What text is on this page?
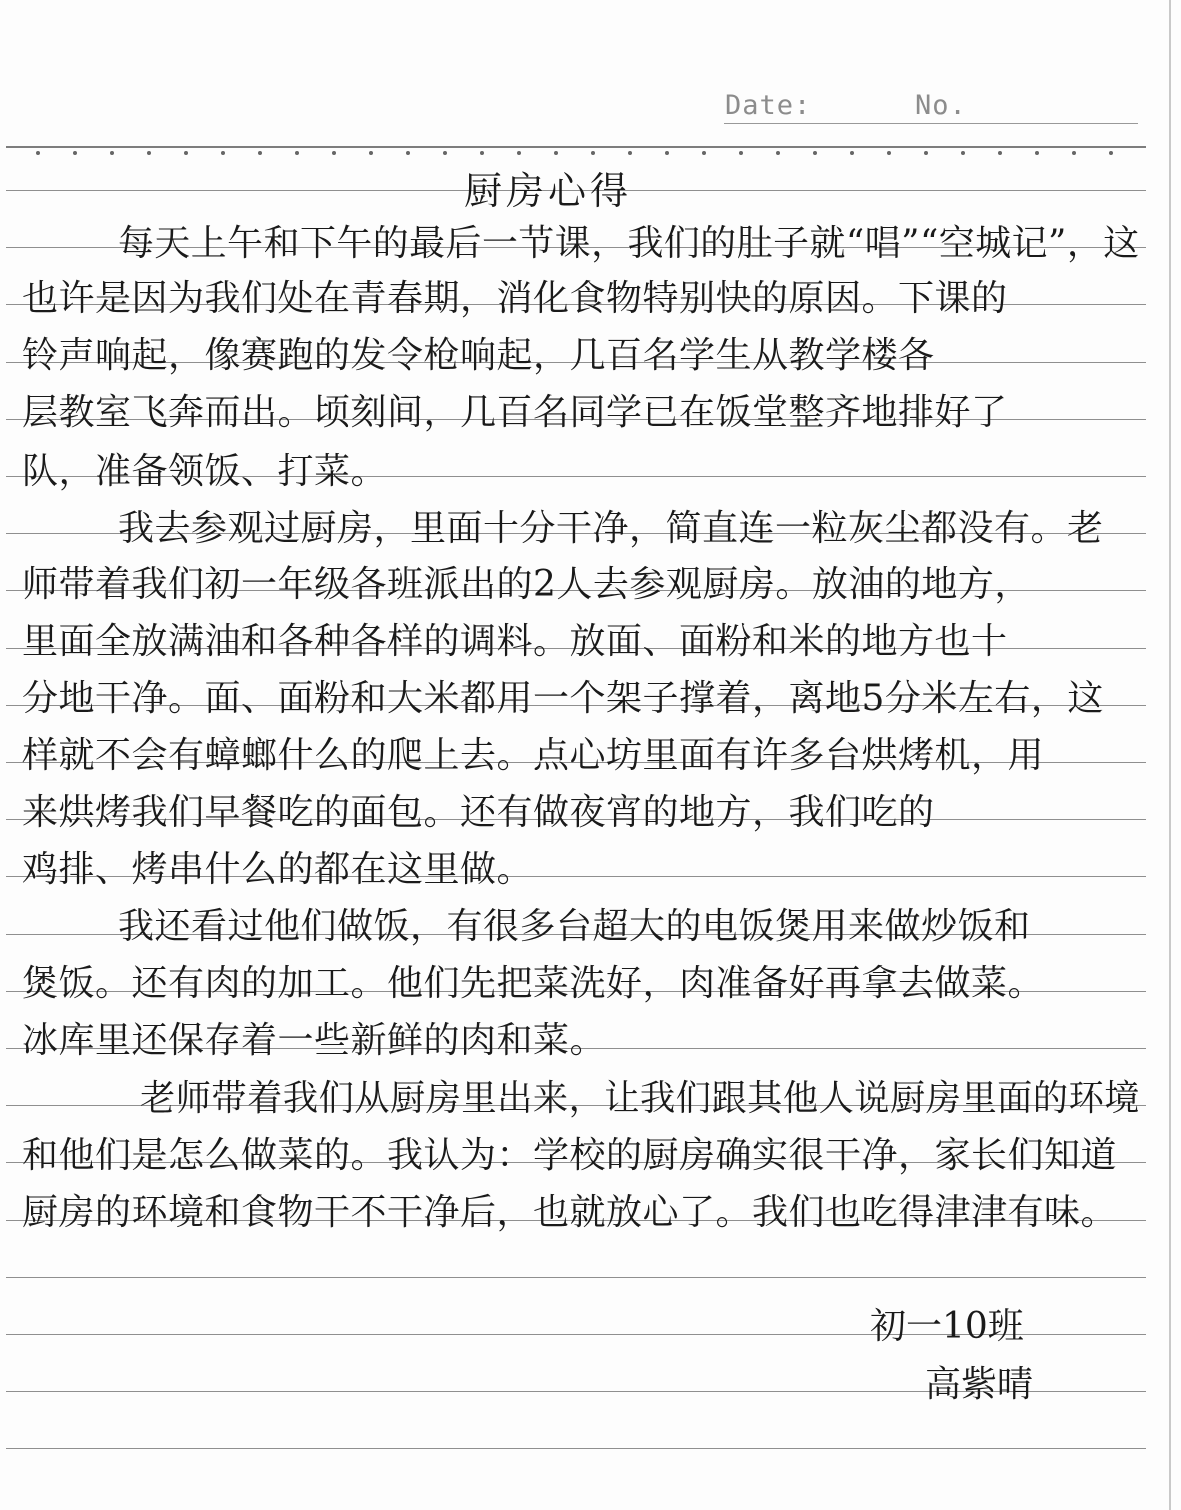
Date:	No.
厨房心得
每天上午和下午的最后一节课，我们的肚子就“唱”“空城记”，这
也许是因为我们处在青春期，消化食物特别快的原因。下课的
铃声响起，像赛跑的发令枪响起，几百名学生从教学楼各
层教室飞奔而出。顷刻间，几百名同学已在饭堂整齐地排好了
队，准备领饭、打菜。
我去参观过厨房，里面十分干净，简直连一粒灰尘都没有。老
师带着我们初一年级各班派出的2人去参观厨房。放油的地方，
里面全放满油和各种各样的调料。放面、面粉和米的地方也十
分地干净。面、面粉和大米都用一个架子撑着，离地5分米左右，这
样就不会有蟑螂什么的爬上去。点心坊里面有许多台烘烤机，用
来烘烤我们早餐吃的面包。还有做夜宵的地方，我们吃的
鸡排、烤串什么的都在这里做。
我还看过他们做饭，有很多台超大的电饭煲用来做炒饭和
煲饭。还有肉的加工。他们先把菜洗好，肉准备好再拿去做菜。
冰库里还保存着一些新鲜的肉和菜。
老师带着我们从厨房里出来，让我们跟其他人说厨房里面的环境
和他们是怎么做菜的。我认为：学校的厨房确实很干净，家长们知道
厨房的环境和食物干不干净后，也就放心了。我们也吃得津津有味。
初一10班
高紫晴
